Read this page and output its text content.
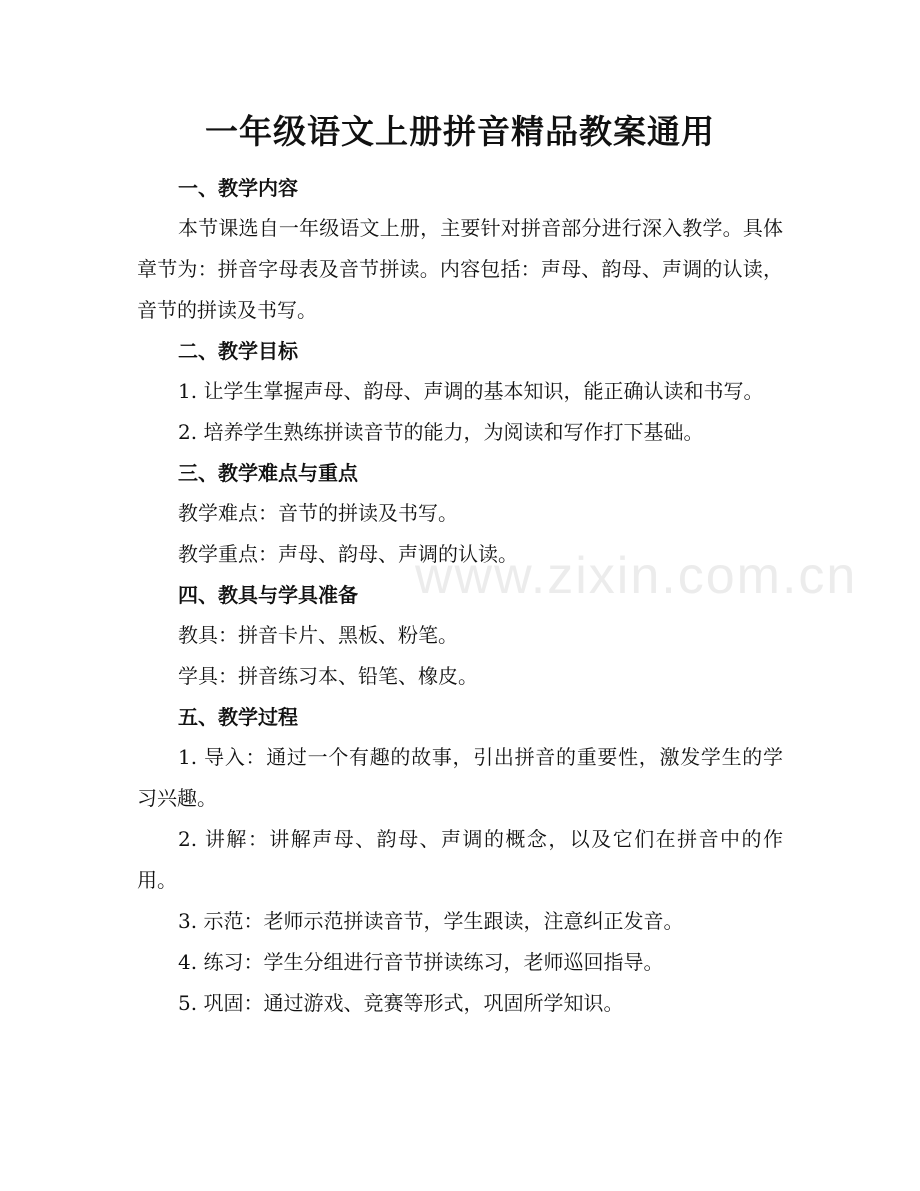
一年级语文上册拼音精品教案通用
一、教学内容

本节课选自一年级语文上册，主要针对拼音部分进行深入教学。具体章节为：拼音字母表及音节拼读。内容包括：声母、韵母、声调的认读，音节的拼读及书写。

二、教学目标

1. 让学生掌握声母、韵母、声调的基本知识，能正确认读和书写。

2. 培养学生熟练拼读音节的能力，为阅读和写作打下基础。

三、教学难点与重点

教学难点：音节的拼读及书写。

教学重点：声母、韵母、声调的认读。

四、教具与学具准备

教具：拼音卡片、黑板、粉笔。

学具：拼音练习本、铅笔、橡皮。

五、教学过程

1. 导入：通过一个有趣的故事，引出拼音的重要性，激发学生的学习兴趣。

2. 讲解：讲解声母、韵母、声调的概念，以及它们在拼音中的作用。

3. 示范：老师示范拼读音节，学生跟读，注意纠正发音。

4. 练习：学生分组进行音节拼读练习，老师巡回指导。

5. 巩固：通过游戏、竞赛等形式，巩固所学知识。

www.zixin.com.cn
